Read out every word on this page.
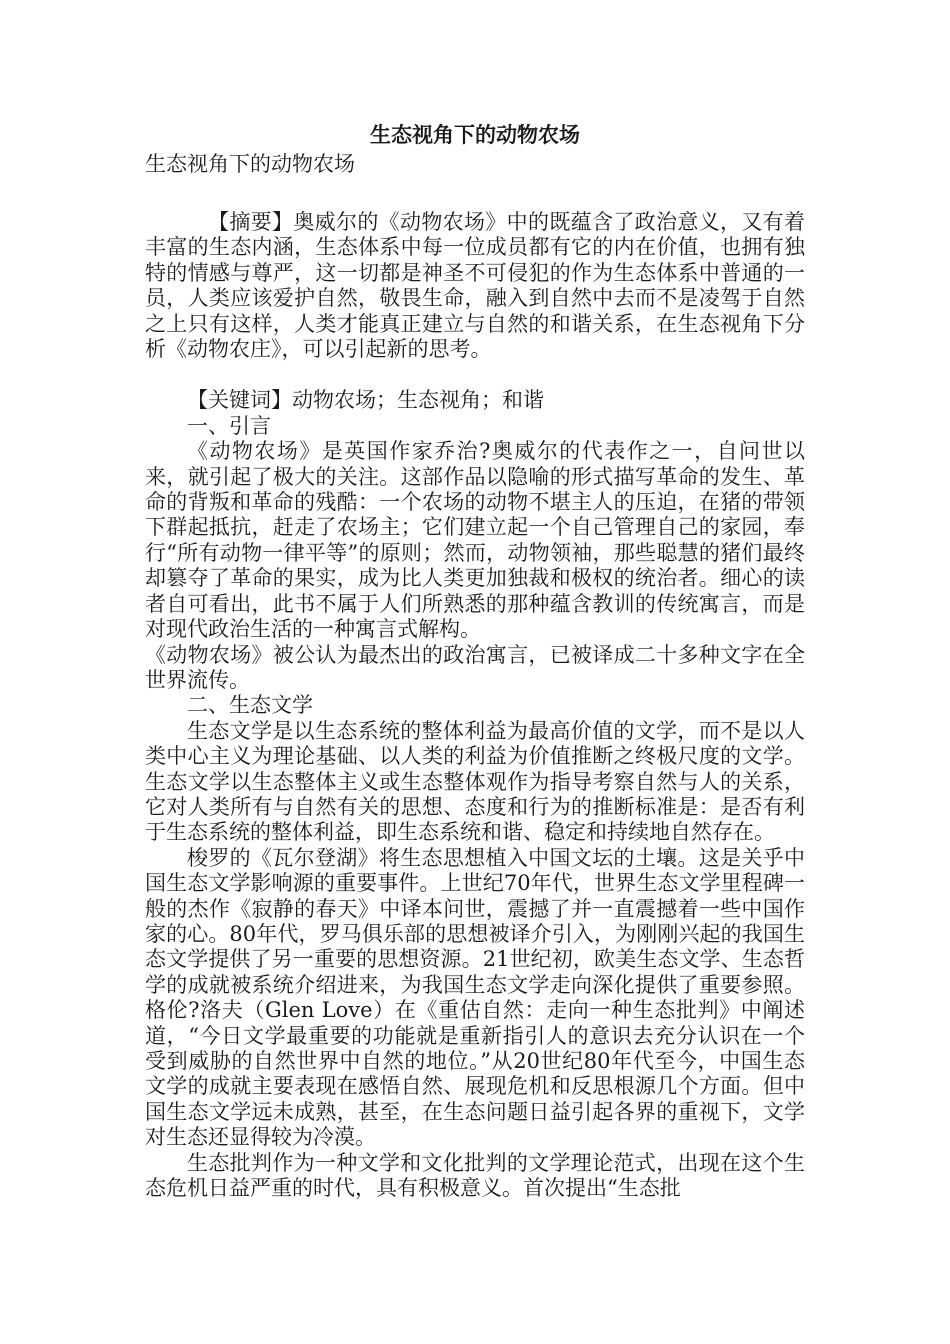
生态视角下的动物农场
生态视角下的动物农场

【摘要】奥威尔的《动物农场》中的既蕴含了政治意义，又有着丰富的生态内涵，生态体系中每一位成员都有它的内在价值，也拥有独特的情感与尊严，这一切都是神圣不可侵犯的作为生态体系中普通的一员，人类应该爱护自然，敬畏生命，融入到自然中去而不是凌驾于自然之上只有这样，人类才能真正建立与自然的和谐关系，在生态视角下分析《动物农庄》，可以引起新的思考。

【关键词】动物农场；生态视角；和谐

一、引言

《动物农场》是英国作家乔治?奥威尔的代表作之一，自问世以来，就引起了极大的关注。这部作品以隐喻的形式描写革命的发生、革命的背叛和革命的残酷：一个农场的动物不堪主人的压迫，在猪的带领下群起抵抗，赶走了农场主；它们建立起一个自己管理自己的家园，奉行“所有动物一律平等”的原则；然而，动物领袖，那些聪慧的猪们最终却篡夺了革命的果实，成为比人类更加独裁和极权的统治者。细心的读者自可看出，此书不属于人们所熟悉的那种蕴含教训的传统寓言，而是对现代政治生活的一种寓言式解构。

《动物农场》被公认为最杰出的政治寓言，已被译成二十多种文字在全世界流传。

二、生态文学

生态文学是以生态系统的整体利益为最高价值的文学，而不是以人类中心主义为理论基础、以人类的利益为价值推断之终极尺度的文学。生态文学以生态整体主义或生态整体观作为指导考察自然与人的关系，它对人类所有与自然有关的思想、态度和行为的推断标准是：是否有利于生态系统的整体利益，即生态系统和谐、稳定和持续地自然存在。

梭罗的《瓦尔登湖》将生态思想植入中国文坛的土壤。这是关乎中国生态文学影响源的重要事件。上世纪70年代，世界生态文学里程碑一般的杰作《寂静的春天》中译本问世，震撼了并一直震撼着一些中国作家的心。80年代，罗马俱乐部的思想被译介引入，为刚刚兴起的我国生态文学提供了另一重要的思想资源。21世纪初，欧美生态文学、生态哲学的成就被系统介绍进来，为我国生态文学走向深化提供了重要参照。格伦?洛夫（Glen Love）在《重估自然：走向一种生态批判》中阐述道，“今日文学最重要的功能就是重新指引人的意识去充分认识在一个受到威胁的自然世界中自然的地位。”从20世纪80年代至今，中国生态文学的成就主要表现在感悟自然、展现危机和反思根源几个方面。但中国生态文学远未成熟，甚至，在生态问题日益引起各界的重视下，文学对生态还显得较为冷漠。

生态批判作为一种文学和文化批判的文学理论范式，出现在这个生态危机日益严重的时代，具有积极意义。首次提出“生态批
